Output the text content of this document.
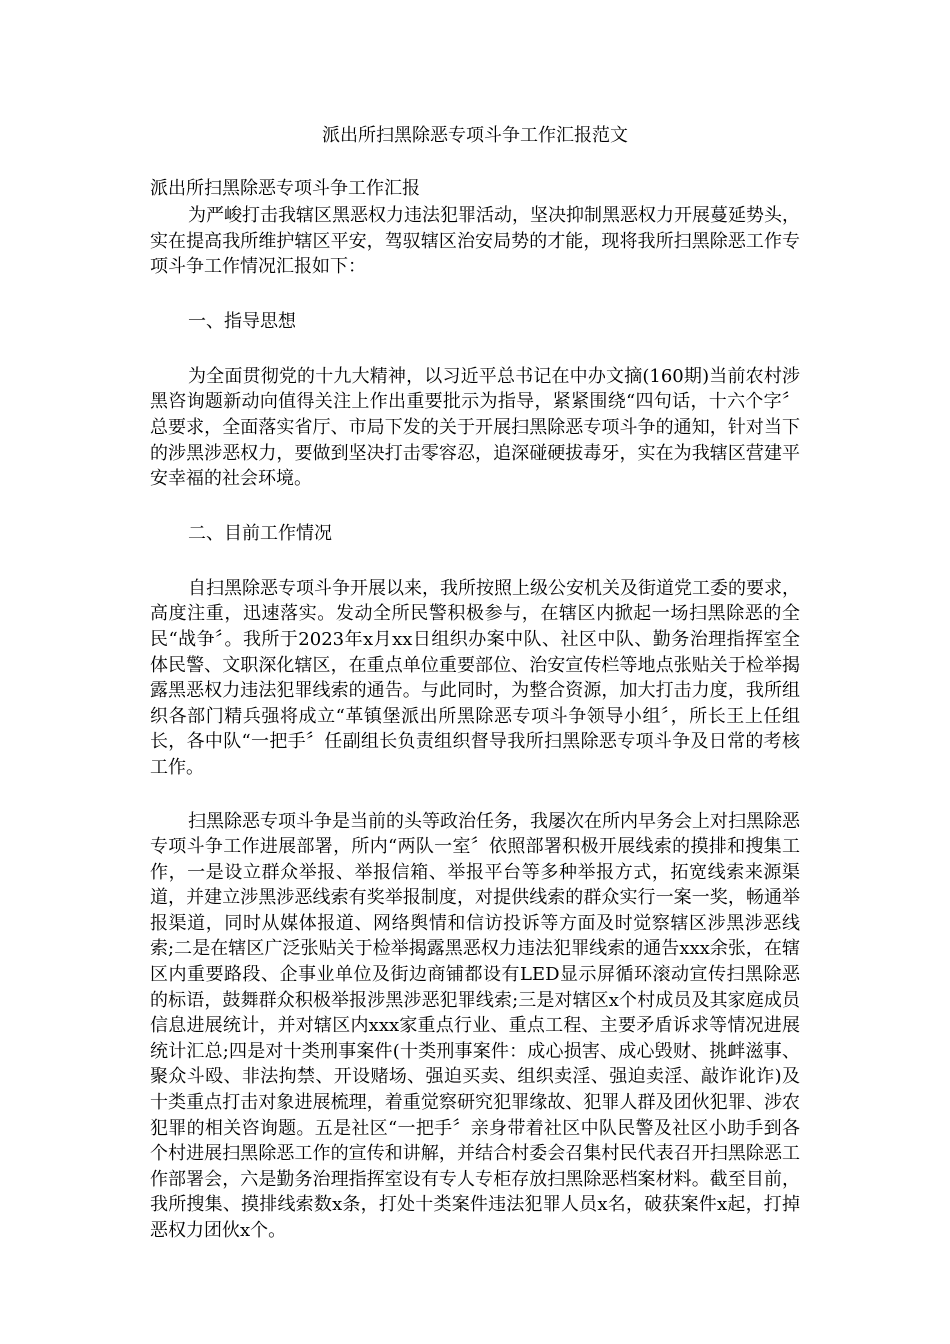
派出所扫黑除恶专项斗争工作汇报范文

派出所扫黑除恶专项斗争工作汇报

为严峻打击我辖区黑恶权力违法犯罪活动，坚决抑制黑恶权力开展蔓延势头，实在提高我所维护辖区平安，驾驭辖区治安局势的才能，现将我所扫黑除恶工作专项斗争工作情况汇报如下：

一、指导思想

为全面贯彻党的十九大精神，以习近平总书记在中办文摘(160期)当前农村涉黑咨询题新动向值得关注上作出重要批示为指导，紧紧围绕“四句话，十六个字〞总要求，全面落实省厅、市局下发的关于开展扫黑除恶专项斗争的通知，针对当下的涉黑涉恶权力，要做到坚决打击零容忍，追深碰硬拔毒牙，实在为我辖区营建平安幸福的社会环境。

二、目前工作情况

自扫黑除恶专项斗争开展以来，我所按照上级公安机关及街道党工委的要求，高度注重，迅速落实。发动全所民警积极参与，在辖区内掀起一场扫黑除恶的全民“战争〞。我所于2023年x月xx日组织办案中队、社区中队、勤务治理指挥室全体民警、文职深化辖区，在重点单位重要部位、治安宣传栏等地点张贴关于检举揭露黑恶权力违法犯罪线索的通告。与此同时，为整合资源，加大打击力度，我所组织各部门精兵强将成立“革镇堡派出所黑除恶专项斗争领导小组〞，所长王上任组长，各中队“一把手〞任副组长负责组织督导我所扫黑除恶专项斗争及日常的考核工作。

扫黑除恶专项斗争是当前的头等政治任务，我屡次在所内早务会上对扫黑除恶专项斗争工作进展部署，所内“两队一室〞依照部署积极开展线索的摸排和搜集工作，一是设立群众举报、举报信箱、举报平台等多种举报方式，拓宽线索来源渠道，并建立涉黑涉恶线索有奖举报制度，对提供线索的群众实行一案一奖，畅通举报渠道，同时从媒体报道、网络舆情和信访投诉等方面及时觉察辖区涉黑涉恶线索;二是在辖区广泛张贴关于检举揭露黑恶权力违法犯罪线索的通告xxx余张，在辖区内重要路段、企事业单位及街边商铺都设有LED显示屏循环滚动宣传扫黑除恶的标语，鼓舞群众积极举报涉黑涉恶犯罪线索;三是对辖区x个村成员及其家庭成员信息进展统计，并对辖区内xxx家重点行业、重点工程、主要矛盾诉求等情况进展统计汇总;四是对十类刑事案件(十类刑事案件：成心损害、成心毁财、挑衅滋事、聚众斗殴、非法拘禁、开设赌场、强迫买卖、组织卖淫、强迫卖淫、敲诈讹诈)及十类重点打击对象进展梳理，着重觉察研究犯罪缘故、犯罪人群及团伙犯罪、涉农犯罪的相关咨询题。五是社区“一把手〞亲身带着社区中队民警及社区小助手到各个村进展扫黑除恶工作的宣传和讲解，并结合村委会召集村民代表召开扫黑除恶工作部署会，六是勤务治理指挥室设有专人专柜存放扫黑除恶档案材料。截至目前，我所搜集、摸排线索数x条，打处十类案件违法犯罪人员x名，破获案件x起，打掉恶权力团伙x个。
